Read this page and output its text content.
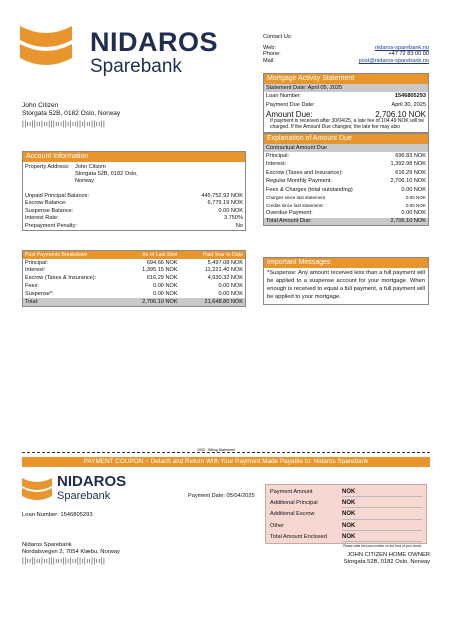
NIDAROS
Sparebank
Contact Us:
Web:	nidaros-sparebank.no
Phone:	+47 72 83 00 00
Mail:	post@nidaros-sparebank.no
John Citizen
Storgata 52B, 0182 Oslo, Norway
||ıı||ıı|ıı|||ııı||ı|ıı||ı|ıı||ıı||
Mortgage Activity Statement
Statement Date: April 05, 2025
Loan Number:	1546805293
Payment Due Date:	April 30, 2025
Amount Due:	2,706.10 NOK
If payment is received after 30/04/25, a late fee of 104.49 NOK will be charged. If the Amount Due changes, the late fee may also
Explanation of Amount Due
Contractual Amount Due
Principal:	696.83 NOK
Interest:	1,392.98 NOK
Escrow (Taxes and Insurance):	616.29 NOK
Regular Monthly Payment:	2,706.10 NOK
Fees & Charges (total outstanding)	0.00 NOK
Charges since last statement	0.00 NOK
Credits since last statement:	0.00 NOK
Overdue Payment:	0.00 NOK
Total Amount Due:	2,706.10 NOK
Account Information
Property Address: John Citizen
Storgata 52B, 0182 Oslo,
Norway
Unpaid Principal Balance:	445,752.92 NOK
Escrow Balance:	6,779.19 NOK
Suspense Balance:	0.00 NOK
Interest Rate:	3.750%
Prepayment Penalty:	No
Past Payments Breakdown	As of Last Stmt	Paid Year to Date
Principal:	694.66 NOK	5,497.08 NOK
Interest:	1,395.15 NOK	11,221.40 NOK
Escrow (Taxes & Insurance):	616.29 NOK	4,930.32 NOK
Fees:	0.00 NOK	0.00 NOK
Suspense*:	0.00 NOK	0.00 NOK
Total:	2,706.10 NOK	21,648.80 NOK
Important Messages
*Suspense: Any amount received less than a full payment will be applied to a suspense account for your mortgage. When enough is received to equal a full payment, a full payment will be applied to your mortgage.
1000 - Billing Statement
PAYMENT COUPON ~ Detach and Return With Your Payment Made Payable to: Nidaros Sparebank
NIDAROS
Sparebank
Loan Number: 1546805293
Payment Date: 05/04/2025
Payment Amount	NOK
Additional Principal	NOK
Additional Escrow	NOK
Other	NOK
Total Amount Enclosed	NOK
Please write the loan number on the front of your check.
Nidaros Sparebank
Nordalsvegen 2, 7054 Klæbu, Norway
||ıı||ıı|ıı|||ııı||ı|ıı||ı|ıı||ıı||
JOHN CITIZEN HOME OWNER
Storgata 52B, 0182 Oslo, Norway
